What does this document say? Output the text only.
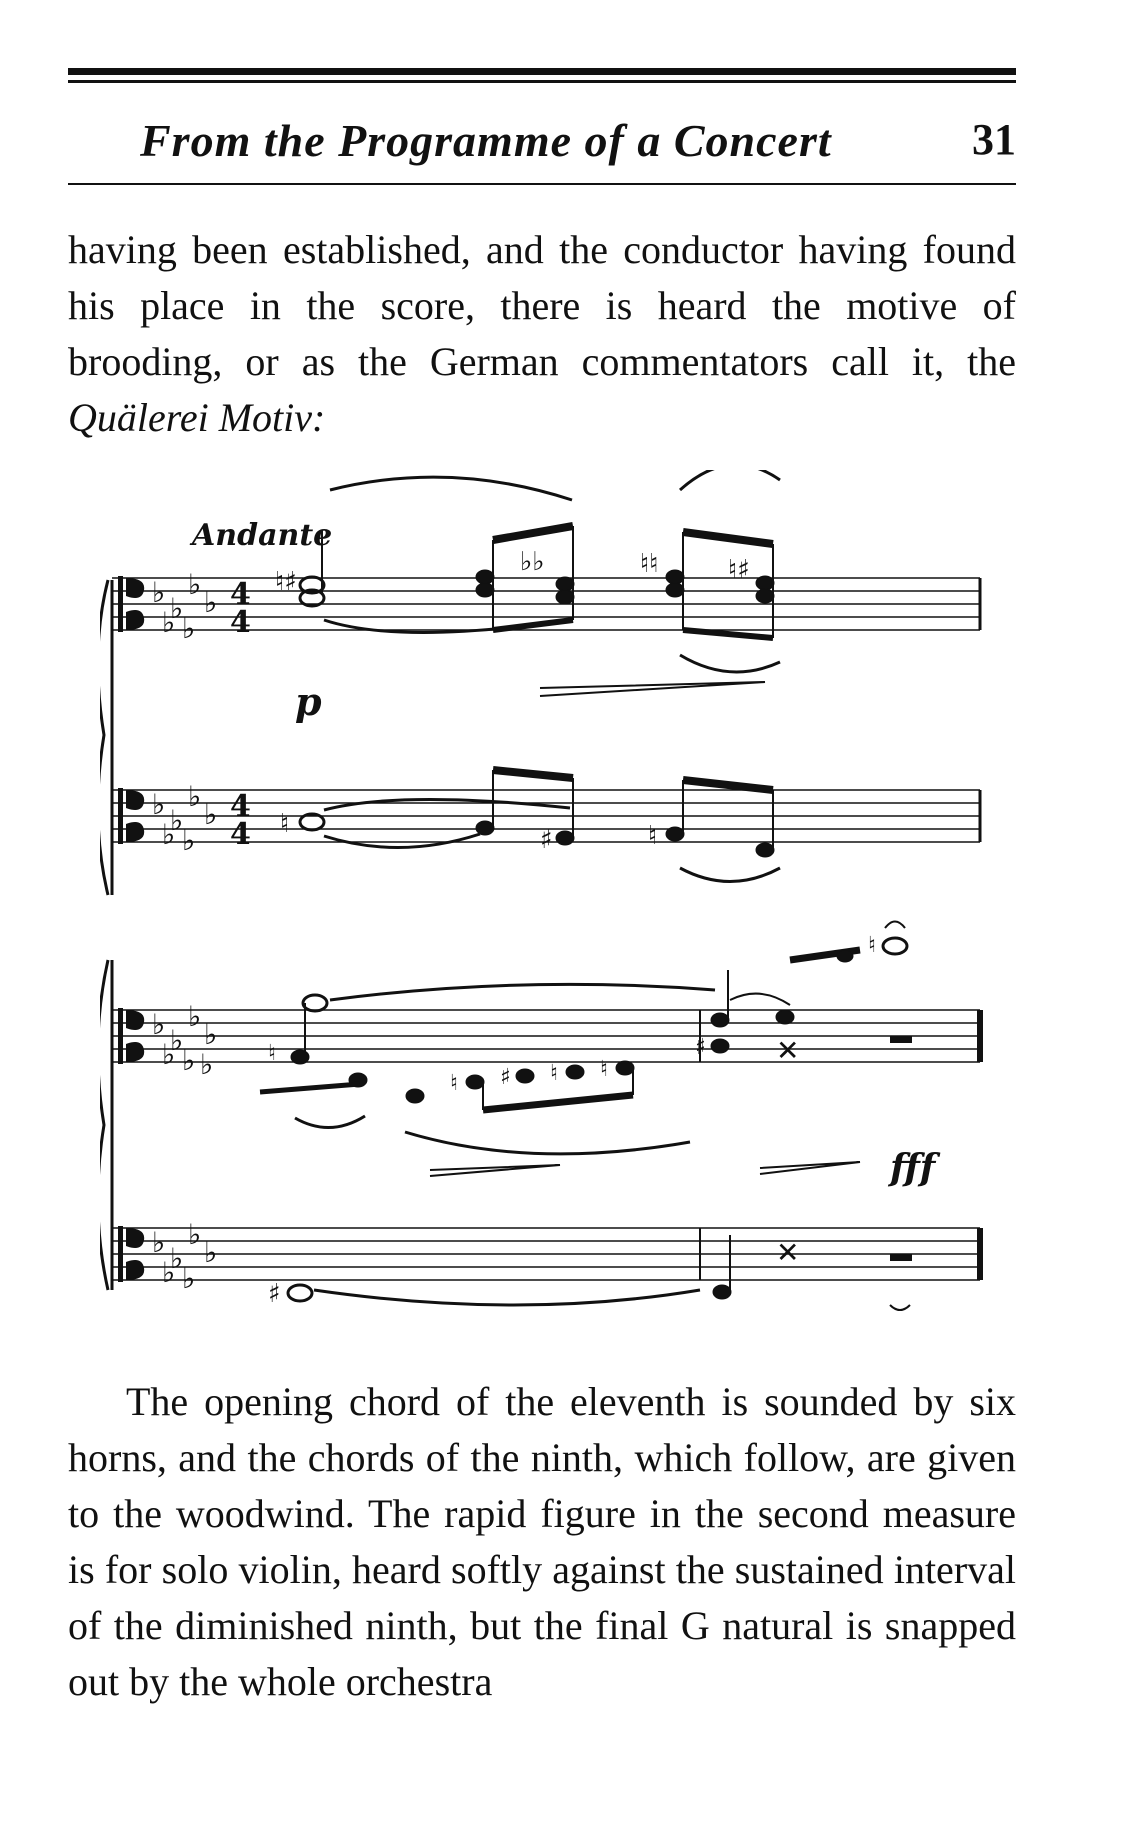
From the Programme of a Concert	31

having been established, and the conductor having found his place in the score, there is heard the motive of brooding, or as the German commentators call it, the Quälerei Motiv:

Andante
p
fff
♭ ♭
♭
♭
♭ ♭
♭ ♭
♭
♭
♭ ♭
4
4
4
4
♮♯
♭♭	♮♮	♮♯
♮
♯	♮
♭ ♭
♭
♭
♭ ♭ ♭
♭ ♭
♭
♭
♭ ♭
♮
♮ ♯ ♮ ♮
♯	✕
♮
♯
✕

The opening chord of the eleventh is sounded by six horns, and the chords of the ninth, which follow, are given to the woodwind. The rapid figure in the second measure is for solo violin, heard softly against the sustained interval of the diminished ninth, but the final G natural is snapped out by the whole orchestra
